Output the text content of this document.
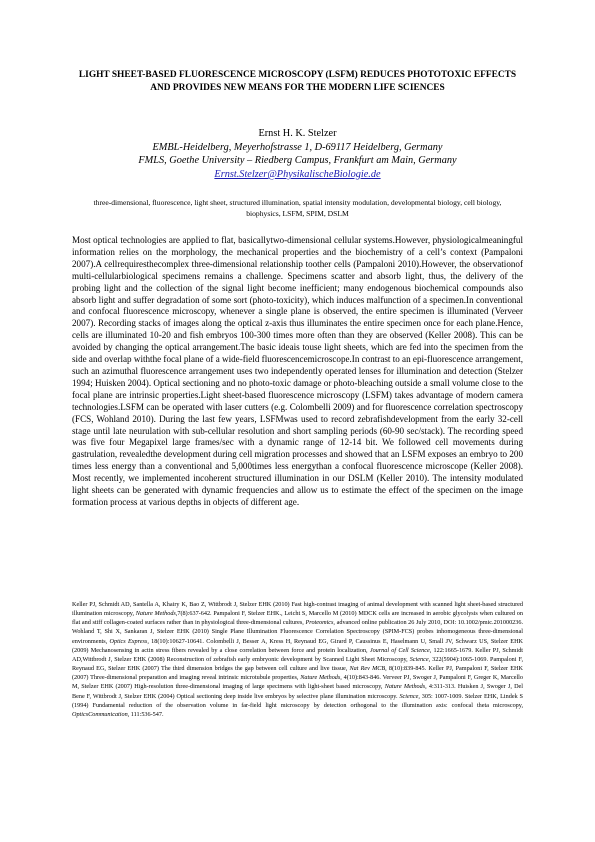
LIGHT SHEET-BASED FLUORESCENCE MICROSCOPY (LSFM) REDUCES PHOTOTOXIC EFFECTS AND PROVIDES NEW MEANS FOR THE MODERN LIFE SCIENCES
Ernst H. K. Stelzer
EMBL-Heidelberg, Meyerhofstrasse 1, D-69117 Heidelberg, Germany
FMLS, Goethe University – Riedberg Campus, Frankfurt am Main, Germany
Ernst.Stelzer@PhysikalischeBiologie.de
three-dimensional, fluorescence, light sheet, structured illumination, spatial intensity modulation, developmental biology, cell biology, biophysics, LSFM, SPIM, DSLM
Most optical technologies are applied to flat, basicallytwo-dimensional cellular systems.However, physiologicalmeaningful information relies on the morphology, the mechanical properties and the biochemistry of a cell’s context (Pampaloni 2007).A cellrequiresthecomplex three-dimensional relationship toother cells (Pampaloni 2010).However, the observationof multi-cellularbiological specimens remains a challenge. Specimens scatter and absorb light, thus, the delivery of the probing light and the collection of the signal light become inefficient; many endogenous biochemical compounds also absorb light and suffer degradation of some sort (photo-toxicity), which induces malfunction of a specimen.In conventional and confocal fluorescence microscopy, whenever a single plane is observed, the entire specimen is illuminated (Verveer 2007). Recording stacks of images along the optical z-axis thus illuminates the entire specimen once for each plane.Hence, cells are illuminated 10-20 and fish embryos 100-300 times more often than they are observed (Keller 2008). This can be avoided by changing the optical arrangement.The basic ideais touse light sheets, which are fed into the specimen from the side and overlap withthe focal plane of a wide-field fluorescencemicroscope.In contrast to an epi-fluorescence arrangement, such an azimuthal fluorescence arrangement uses two independently operated lenses for illumination and detection (Stelzer 1994; Huisken 2004). Optical sectioning and no photo-toxic damage or photo-bleaching outside a small volume close to the focal plane are intrinsic properties.Light sheet-based fluorescence microscopy (LSFM) takes advantage of modern camera technologies.LSFM can be operated with laser cutters (e.g. Colombelli 2009) and for fluorescence correlation spectroscopy (FCS, Wohland 2010). During the last few years, LSFMwas used to record zebrafishdevelopment from the early 32-cell stage until late neurulation with sub-cellular resolution and short sampling periods (60-90 sec/stack). The recording speed was five four Megapixel large frames/sec with a dynamic range of 12-14 bit. We followed cell movements during gastrulation, revealedthe development during cell migration processes and showed that an LSFM exposes an embryo to 200 times less energy than a conventional and 5,000times less energythan a confocal fluorescence microscope (Keller 2008). Most recently, we implemented incoherent structured illumination in our DSLM (Keller 2010). The intensity modulated light sheets can be generated with dynamic frequencies and allow us to estimate the effect of the specimen on the image formation process at various depths in objects of different age.
Keller PJ, Schmidt AD, Santella A, Khairy K, Bao Z, Wittbrodt J, Stelzer EHK (2010) Fast high-contrast imaging of animal development with scanned light sheet-based structured illumination microscopy, Nature Methods,7(8):637-642. Pampaloni F, Stelzer EHK., Leicht S, Marcello M (2010) MDCK cells are increased in aerobic glycolysis when cultured on flat and stiff collagen-coated surfaces rather than in physiological three-dimensional cultures, Proteomics, advanced online publication 26 July 2010, DOI: 10.1002/pmic.201000236. Wohland T, Shi X, Sankaran J, Stelzer EHK (2010) Single Plane Illumination Fluorescence Correlation Spectroscopy (SPIM-FCS) probes inhomogeneous three-dimensional environments, Optics Express, 18(10):10627-10641. Colombelli J, Besser A, Kress H, Reynaud EG, Girard P, Caussinus E, Haselmann U, Small JV, Schwarz US, Stelzer EHK (2009) Mechanosensing in actin stress fibers revealed by a close correlation between force and protein localization, Journal of Cell Science, 122:1665-1679. Keller PJ, Schmidt AD,Wittbrodt J, Stelzer EHK (2008) Reconstruction of zebrafish early embryonic development by Scanned Light Sheet Microscopy, Science, 322(5904):1065-1069. Pampaloni F, Reynaud EG, Stelzer EHK (2007) The third dimension bridges the gap between cell culture and live tissue, Nat Rev MCB, 8(10):839-845. Keller PJ, Pampaloni F, Stelzer EHK (2007) Three-dimensional preparation and imaging reveal intrinsic microtubule properties, Nature Methods, 4(10):843-846. Verveer PJ, Swoger J, Pampaloni F, Greger K, Marcello M, Stelzer EHK (2007) High-resolution three-dimensional imaging of large specimens with light-sheet based microscopy, Nature Methods, 4:311-313. Huisken J, Swoger J, Del Bene F, Wittbrodt J, Stelzer EHK (2004) Optical sectioning deep inside live embryos by selective plane illumination microscopy. Science, 305: 1007-1009. Stelzer EHK, Lindek S (1994) Fundamental reduction of the observation volume in far-field light microscopy by detection orthogonal to the illumination axis: confocal theta microscopy, OpticsCommunication, 111:536-547.
